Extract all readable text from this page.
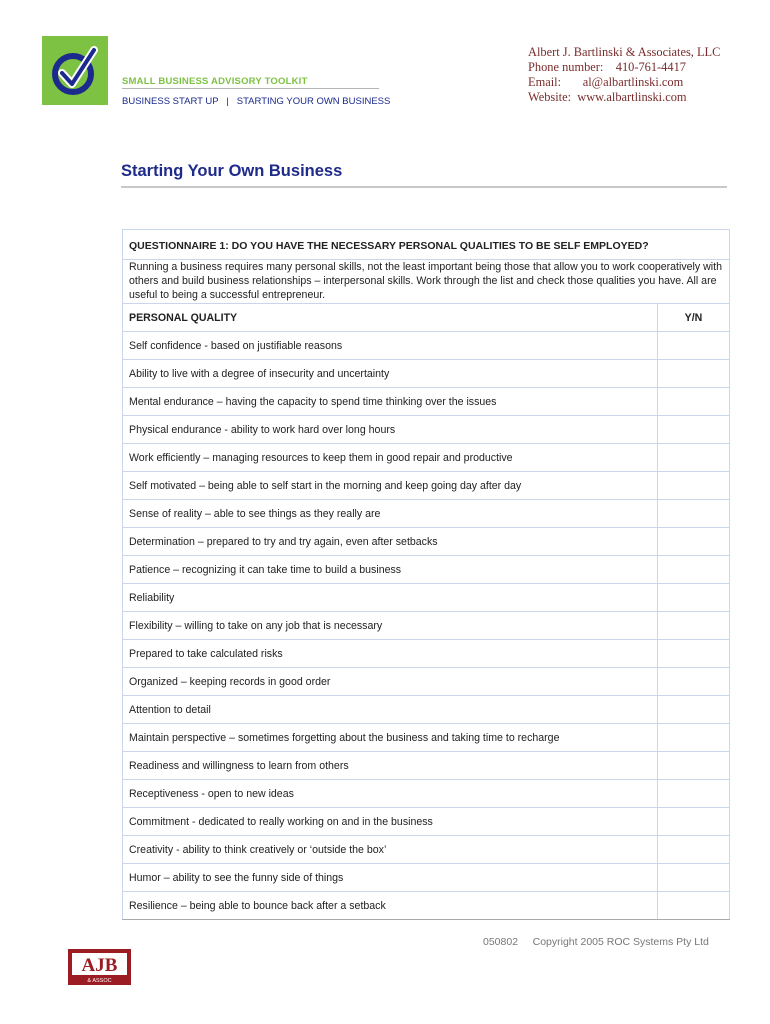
SMALL BUSINESS ADVISORY TOOLKIT
BUSINESS START UP   |   STARTING YOUR OWN BUSINESS
Albert J. Bartlinski & Associates, LLC
Phone number:    410-761-4417
Email:       al@albartlinski.com
Website:  www.albartlinski.com
Starting Your Own Business
QUESTIONNAIRE 1: DO YOU HAVE THE NECESSARY PERSONAL QUALITIES TO BE SELF EMPLOYED?	
Running a business requires many personal skills, not the least important being those that allow you to work cooperatively with others and build business relationships – interpersonal skills. Work through the list and check those qualities you have. All are useful to being a successful entrepreneur.	
PERSONAL QUALITY	Y/N
Self confidence - based on justifiable reasons	
Ability to live with a degree of insecurity and uncertainty	
Mental endurance – having the capacity to spend time thinking over the issues	
Physical endurance - ability to work hard over long hours	
Work efficiently – managing resources to keep them in good repair and productive	
Self motivated – being able to self start in the morning and keep going day after day	
Sense of reality – able to see things as they really are	
Determination – prepared to try and try again, even after setbacks	
Patience – recognizing it can take time to build a business	
Reliability	
Flexibility – willing to take on any job that is necessary	
Prepared to take calculated risks	
Organized – keeping records in good order	
Attention to detail	
Maintain perspective – sometimes forgetting about the business and taking time to recharge	
Readiness and willingness to learn from others	
Receptiveness - open to new ideas	
Commitment - dedicated to really working on and in the business	
Creativity - ability to think creatively or ‘outside the box’	
Humor – ability to see the funny side of things	
Resilience – being able to bounce back after a setback	
050802     Copyright 2005 ROC Systems Pty Ltd
AJB
& ASSOC
